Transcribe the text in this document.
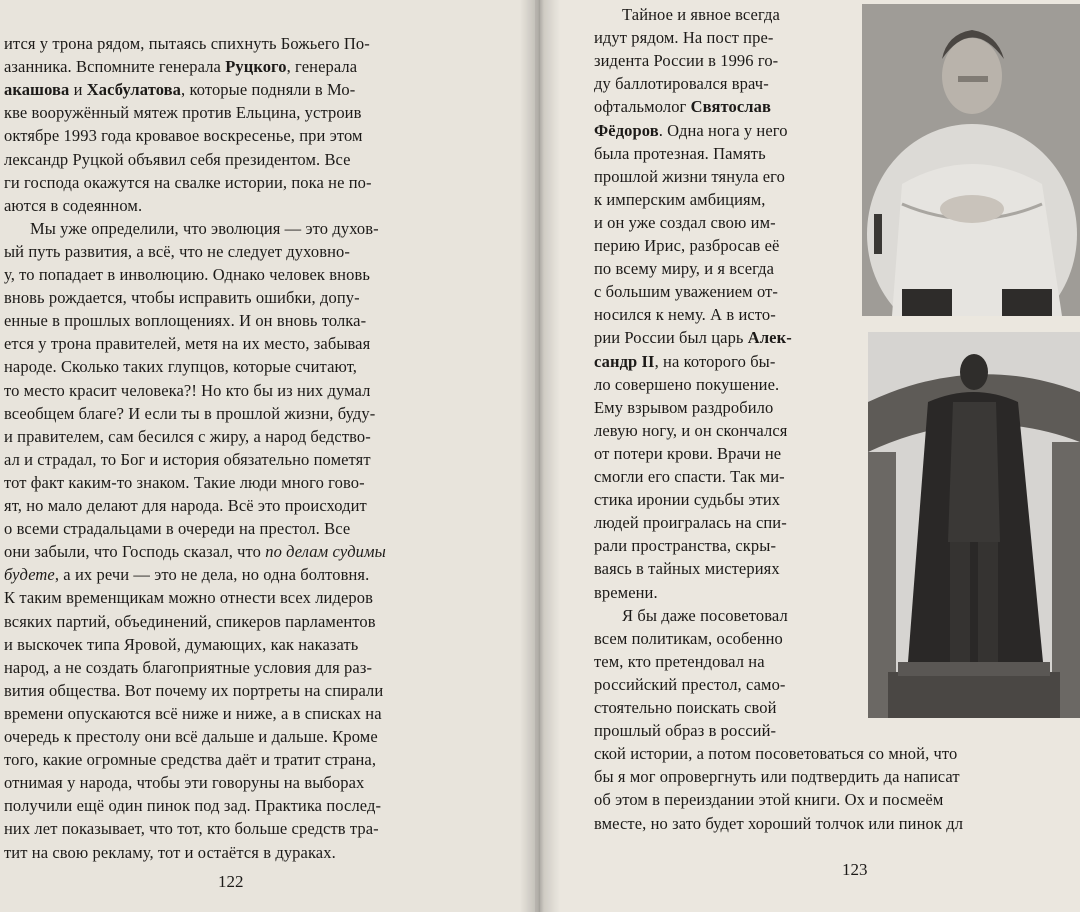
122
ится у трона рядом, пытаясь спихнуть Божьего По-
азанника. Вспомните генерала Руцкого, генерала
акашова и Хасбулатова, которые подняли в Мо-
кве вооружённый мятеж против Ельцина, устроив
октябре 1993 года кровавое воскресенье, при этом
лександр Руцкой объявил себя президентом. Все
ги господа окажутся на свалке истории, пока не по-
аются в содеянном.
Мы уже определили, что эволюция — это духов-
ый путь развития, а всё, что не следует духовно-
у, то попадает в инволюцию. Однако человек вновь
вновь рождается, чтобы исправить ошибки, допу-
енные в прошлых воплощениях. И он вновь толка-
ется у трона правителей, метя на их место, забывая
народе. Сколько таких глупцов, которые считают,
то место красит человека?! Но кто бы из них думал
всеобщем благе? И если ты в прошлой жизни, буду-
и правителем, сам бесился с жиру, а народ бедство-
ал и страдал, то Бог и история обязательно пометят
тот факт каким-то знаком. Такие люди много гово-
ят, но мало делают для народа. Всё это происходит
о всеми страдальцами в очереди на престол. Все
они забыли, что Господь сказал, что по делам судимы
будете, а их речи — это не дела, но одна болтовня.
К таким временщикам можно отнести всех лидеров
всяких партий, объединений, спикеров парламентов
и выскочек типа Яровой, думающих, как наказать
народ, а не создать благоприятные условия для раз-
вития общества. Вот почему их портреты на спирали
времени опускаются всё ниже и ниже, а в списках на
очередь к престолу они всё дальше и дальше. Кроме
того, какие огромные средства даёт и тратит страна,
отнимая у народа, чтобы эти говоруны на выборах
получили ещё один пинок под зад. Практика послед-
них лет показывает, что тот, кто больше средств тра-
тит на свою рекламу, тот и остаётся в дураках.
123
Тайное и явное всегда
идут рядом. На пост пре-
зидента России в 1996 го-
ду баллотировался врач-
офтальмолог Святослав
Фёдоров. Одна нога у него
была протезная. Память
прошлой жизни тянула его
к имперским амбициям,
и он уже создал свою им-
перию Ирис, разбросав её
по всему миру, и я всегда
с большим уважением от-
носился к нему. А в исто-
рии России был царь Алек-
сандр II, на которого бы-
ло совершено покушение.
Ему взрывом раздробило
левую ногу, и он скончался
от потери крови. Врачи не
смогли его спасти. Так ми-
стика иронии судьбы этих
людей проигралась на спи-
рали пространства, скры-
ваясь в тайных мистериях
времени.
Я бы даже посоветовал
всем политикам, особенно
тем, кто претендовал на
российский престол, само-
стоятельно поискать свой
прошлый образ в россий-
ской истории, а потом посоветоваться со мной, что
бы я мог опровергнуть или подтвердить да написат
об этом в переиздании этой книги. Ох и посмеём
вместе, но зато будет хороший толчок или пинок дл
